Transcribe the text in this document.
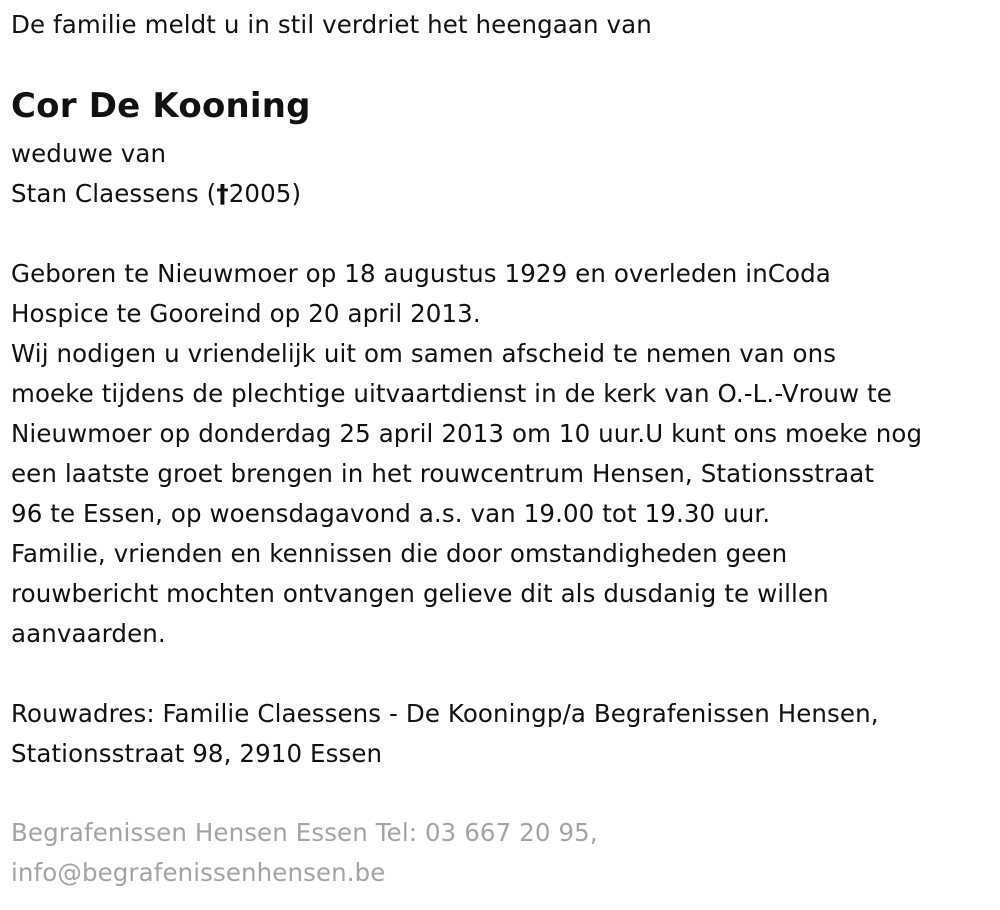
De familie meldt u in stil verdriet het heengaan van
Cor De Kooning
weduwe van
Stan Claessens (†2005)
Geboren te Nieuwmoer op 18 augustus 1929 en overleden inCoda
Hospice te Gooreind op 20 april 2013.
Wij nodigen u vriendelijk uit om samen afscheid te nemen van ons
moeke tijdens de plechtige uitvaartdienst in de kerk van O.-L.-Vrouw te
Nieuwmoer op donderdag 25 april 2013 om 10 uur.U kunt ons moeke nog
een laatste groet brengen in het rouwcentrum Hensen, Stationsstraat
96 te Essen, op woensdagavond a.s. van 19.00 tot 19.30 uur.
Familie, vrienden en kennissen die door omstandigheden geen
rouwbericht mochten ontvangen gelieve dit als dusdanig te willen
aanvaarden.
Rouwadres: Familie Claessens - De Kooningp/a Begrafenissen Hensen,
Stationsstraat 98, 2910 Essen
Begrafenissen Hensen Essen Tel: 03 667 20 95,
info@begrafenissenhensen.be
